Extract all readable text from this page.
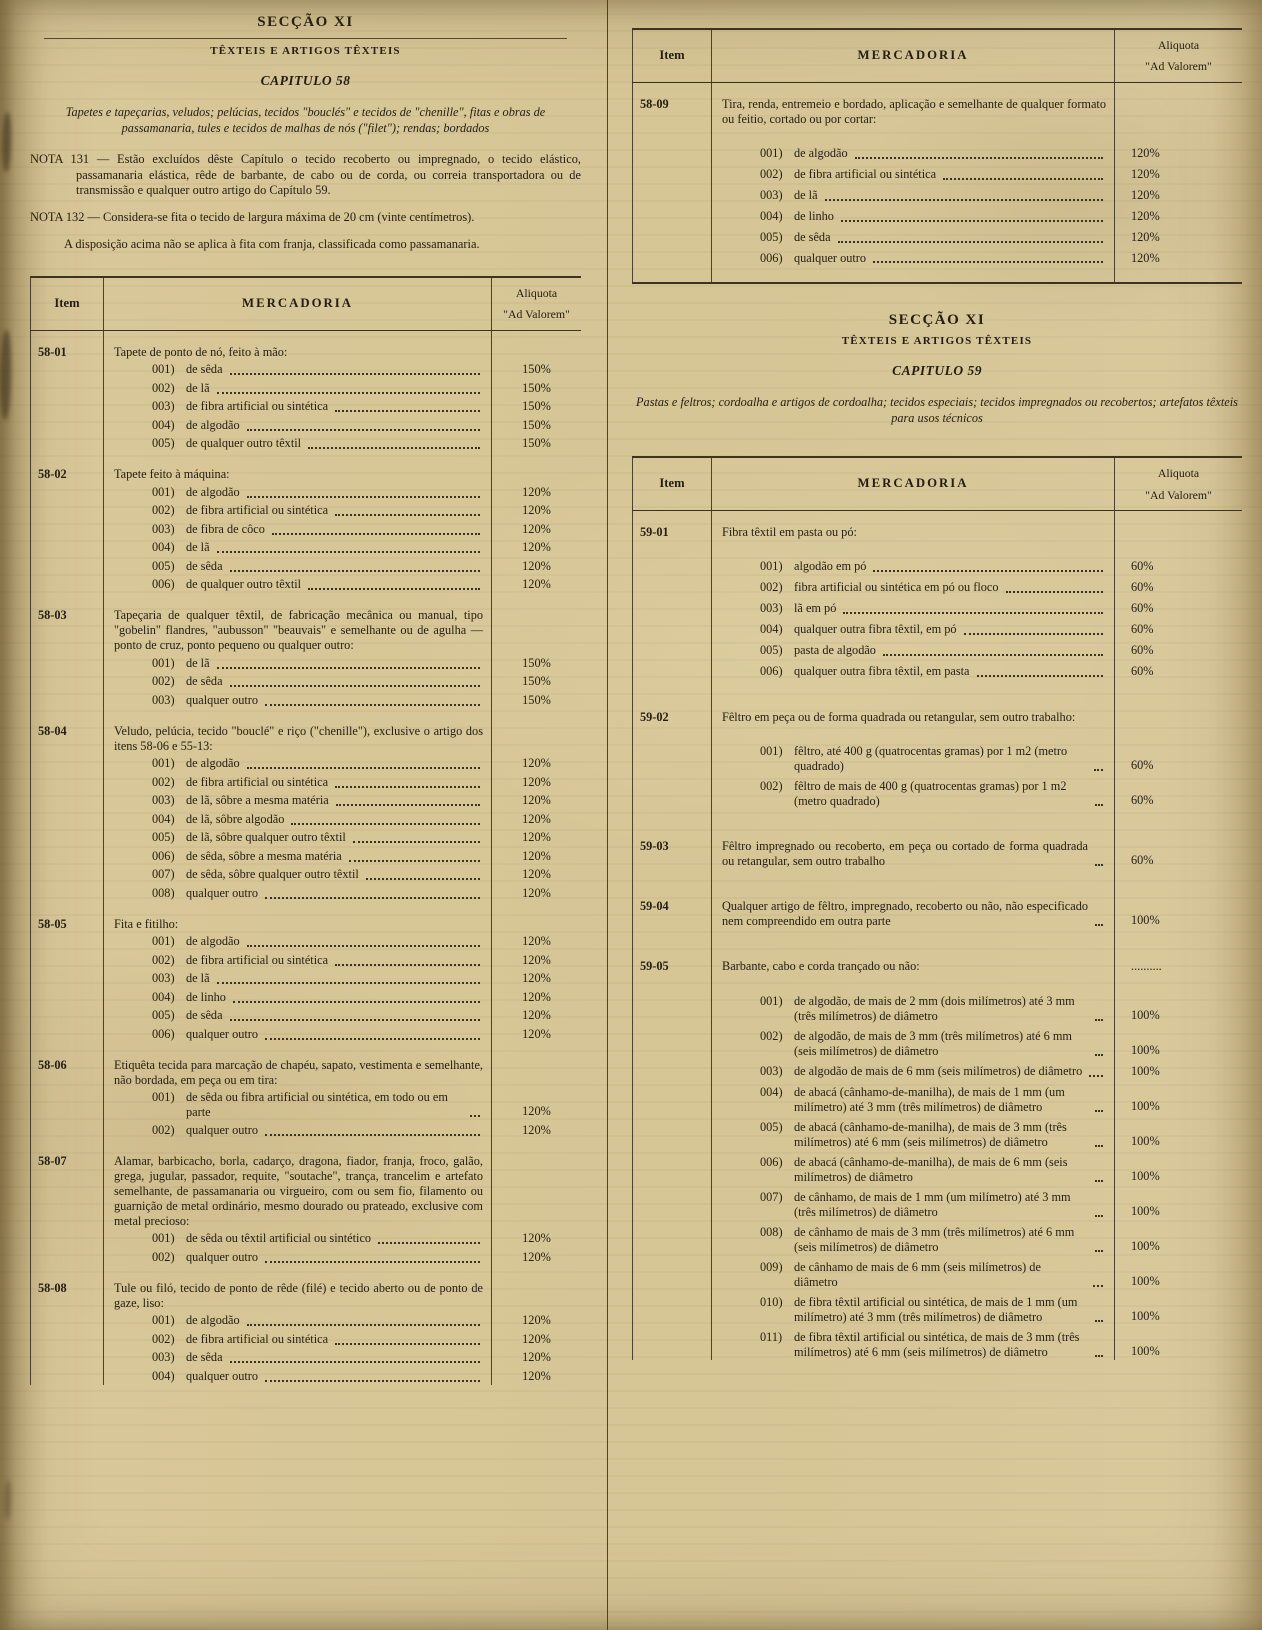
SECÇÃO XI
TÊXTEIS E ARTIGOS TÊXTEIS
CAPITULO 58

Tapetes e tapeçarias, veludos; pelúcias, tecidos "bouclés" e tecidos de "chenille", fitas e obras de passamanaria, tules e tecidos de malhas de nós ("filet"); rendas; bordados

NOTA 131 — Estão excluídos dêste Capítulo o tecido recoberto ou impregnado, o tecido elástico, passamanaria elástica, rêde de barbante, de cabo ou de corda, ou correia transportadora ou de transmissão e qualquer outro artigo do Capítulo 59.

NOTA 132 — Considera-se fita o tecido de largura máxima de 20 cm (vinte centímetros).

A disposição acima não se aplica à fita com franja, classificada como passamanaria.

Item	MERCADORIA
Aliquota
"Ad Valorem"
58-01	Tapete de ponto de nó, feito à mão:
001) de sêda	150%
002) de lã	150%
003) de fibra artificial ou sintética	150%
004) de algodão	150%
005) de qualquer outro têxtil	150%
58-02	Tapete feito à máquina:
001) de algodão	120%
002) de fibra artificial ou sintética	120%
003) de fibra de côco	120%
004) de lã	120%
005) de sêda	120%
006) de qualquer outro têxtil	120%
58-03	Tapeçaria de qualquer têxtil, de fabricação mecânica ou manual, tipo "gobelin" flandres, "aubusson" "beauvais" e semelhante ou de agulha — ponto de cruz, ponto pequeno ou qualquer outro:
001) de lã	150%
002) de sêda	150%
003) qualquer outro	150%
58-04	Veludo, pelúcia, tecido "bouclé" e riço ("chenille"), exclusive o artigo dos itens 58-06 e 55-13:
001) de algodão	120%
002) de fibra artificial ou sintética	120%
003) de lã, sôbre a mesma matéria	120%
004) de lã, sôbre algodão	120%
005) de lã, sôbre qualquer outro têxtil	120%
006) de sêda, sôbre a mesma matéria	120%
007) de sêda, sôbre qualquer outro têxtil	120%
008) qualquer outro	120%
58-05	Fita e fitilho:
001) de algodão	120%
002) de fibra artificial ou sintética	120%
003) de lã	120%
004) de linho	120%
005) de sêda	120%
006) qualquer outro	120%
58-06	Etiquêta tecida para marcação de chapéu, sapato, vestimenta e semelhante, não bordada, em peça ou em tira:
001) de sêda ou fibra artificial ou sintética, em todo ou em parte	120%
002) qualquer outro	120%
58-07	Alamar, barbicacho, borla, cadarço, dragona, fiador, franja, froco, galão, grega, jugular, passador, requite, "soutache", trança, trancelim e artefato semelhante, de passamanaria ou virgueiro, com ou sem fio, filamento ou guarnição de metal ordinário, mesmo dourado ou prateado, exclusive com metal precioso:
001) de sêda ou têxtil artificial ou sintético	120%
002) qualquer outro	120%
58-08	Tule ou filó, tecido de ponto de rêde (filé) e tecido aberto ou de ponto de gaze, liso:
001) de algodão	120%
002) de fibra artificial ou sintética	120%
003) de sêda	120%
004) qualquer outro	120%
Item	MERCADORIA
Aliquota
"Ad Valorem"
58-09	Tira, renda, entremeio e bordado, aplicação e semelhante de qualquer formato ou feitio, cortado ou por cortar:
001) de algodão	120%
002) de fibra artificial ou sintética	120%
003) de lã	120%
004) de linho	120%
005) de sêda	120%
006) qualquer outro	120%
SECÇÃO XI
TÊXTEIS E ARTIGOS TÊXTEIS
CAPITULO 59

Pastas e feltros; cordoalha e artigos de cordoalha; tecidos especiais; tecidos impregnados ou recobertos; artefatos têxteis para usos técnicos

Item	MERCADORIA
Aliquota
"Ad Valorem"
59-01	Fibra têxtil em pasta ou pó:
001) algodão em pó	60%
002) fibra artificial ou sintética em pó ou floco	60%
003) lã em pó	60%
004) qualquer outra fibra têxtil, em pó	60%
005) pasta de algodão	60%
006) qualquer outra fibra têxtil, em pasta	60%
59-02	Fêltro em peça ou de forma quadrada ou retangular, sem outro trabalho:
001) fêltro, até 400 g (quatrocentas gramas) por 1 m2 (metro quadrado)	60%
002) fêltro de mais de 400 g (quatrocentas gramas) por 1 m2 (metro quadrado)	60%
59-03	Fêltro impregnado ou recoberto, em peça ou cortado de forma quadrada ou retangular, sem outro trabalho	60%
59-04	Qualquer artigo de fêltro, impregnado, recoberto ou não, não especificado nem compreendido em outra parte	100%
59-05	Barbante, cabo e corda trançado ou não:	..........
001) de algodão, de mais de 2 mm (dois milímetros) até 3 mm (três milímetros) de diâmetro	100%
002) de algodão, de mais de 3 mm (três milímetros) até 6 mm (seis milímetros) de diâmetro	100%
003) de algodão de mais de 6 mm (seis milímetros) de diâmetro	100%
004) de abacá (cânhamo-de-manilha), de mais de 1 mm (um milímetro) até 3 mm (três milímetros) de diâmetro	100%
005) de abacá (cânhamo-de-manilha), de mais de 3 mm (três milímetros) até 6 mm (seis milímetros) de diâmetro	100%
006) de abacá (cânhamo-de-manilha), de mais de 6 mm (seis milímetros) de diâmetro	100%
007) de cânhamo, de mais de 1 mm (um milímetro) até 3 mm (três milímetros) de diâmetro	100%
008) de cânhamo de mais de 3 mm (três milímetros) até 6 mm (seis milímetros) de diâmetro	100%
009) de cânhamo de mais de 6 mm (seis milímetros) de diâmetro	100%
010) de fibra têxtil artificial ou sintética, de mais de 1 mm (um milímetro) até 3 mm (três milímetros) de diâmetro	100%
011) de fibra têxtil artificial ou sintética, de mais de 3 mm (três milímetros) até 6 mm (seis milímetros) de diâmetro	100%
